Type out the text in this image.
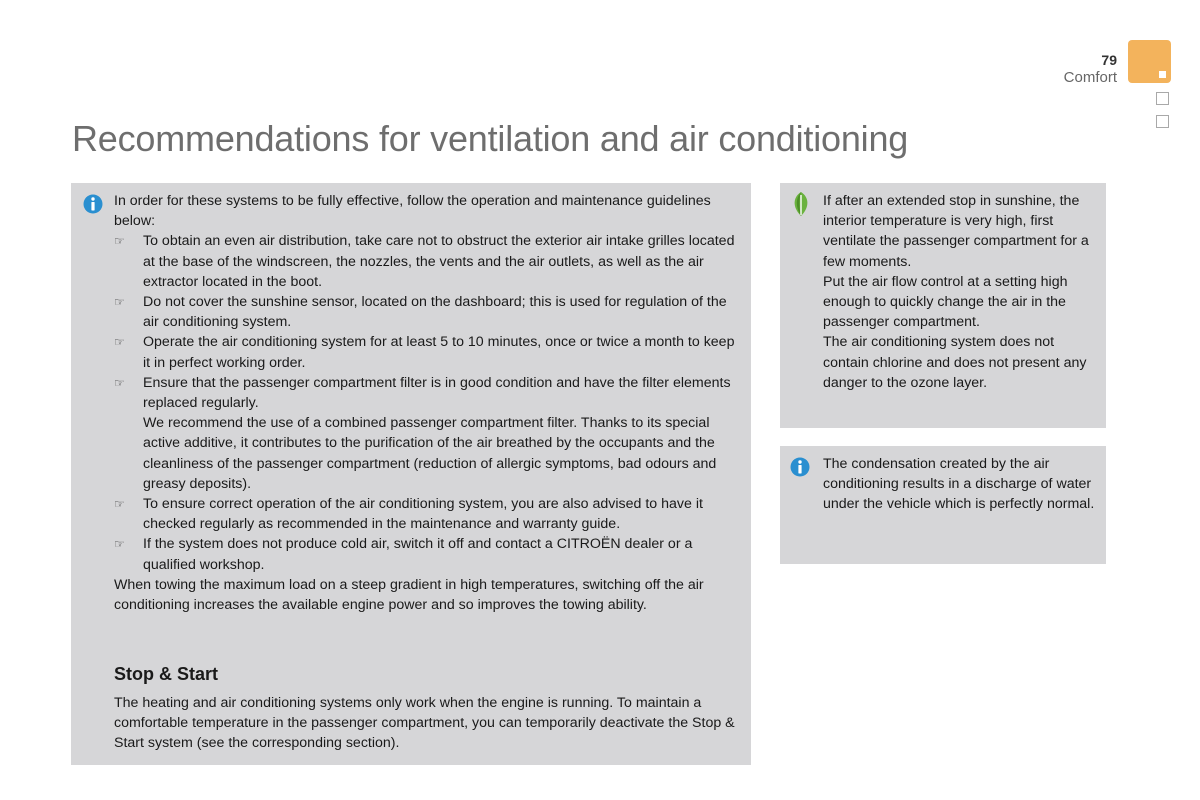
79
Comfort
Recommendations for ventilation and air conditioning

In order for these systems to be fully effective, follow the operation and maintenance guidelines below:

☞ To obtain an even air distribution, take care not to obstruct the exterior air intake grilles located at the base of the windscreen, the nozzles, the vents and the air outlets, as well as the air extractor located in the boot.
☞ Do not cover the sunshine sensor, located on the dashboard; this is used for regulation of the air conditioning system.
☞ Operate the air conditioning system for at least 5 to 10 minutes, once or twice a month to keep it in perfect working order.
☞ Ensure that the passenger compartment filter is in good condition and have the filter elements replaced regularly.
We recommend the use of a combined passenger compartment filter. Thanks to its special active additive, it contributes to the purification of the air breathed by the occupants and the cleanliness of the passenger compartment (reduction of allergic symptoms, bad odours and greasy deposits).
☞ To ensure correct operation of the air conditioning system, you are also advised to have it checked regularly as recommended in the maintenance and warranty guide.
☞ If the system does not produce cold air, switch it off and contact a CITROËN dealer or a qualified workshop.

When towing the maximum load on a steep gradient in high temperatures, switching off the air conditioning increases the available engine power and so improves the towing ability.

Stop & Start
The heating and air conditioning systems only work when the engine is running. To maintain a comfortable temperature in the passenger compartment, you can temporarily deactivate the Stop & Start system (see the corresponding section).

If after an extended stop in sunshine, the interior temperature is very high, first ventilate the passenger compartment for a few moments.

Put the air flow control at a setting high enough to quickly change the air in the passenger compartment.

The air conditioning system does not contain chlorine and does not present any danger to the ozone layer.

The condensation created by the air conditioning results in a discharge of water under the vehicle which is perfectly normal.
